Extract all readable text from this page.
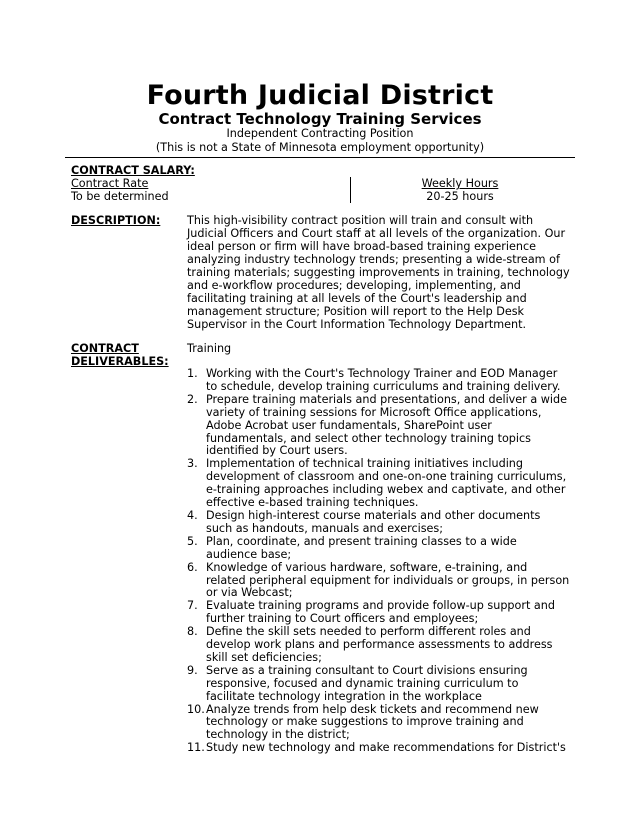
Fourth Judicial District
Contract Technology Training Services
Independent Contracting Position
(This is not a State of Minnesota employment opportunity)
CONTRACT SALARY:
Contract Rate
To be determined
Weekly Hours
20-25 hours
DESCRIPTION: This high-visibility contract position will train and consult with Judicial Officers and Court staff at all levels of the organization. Our ideal person or firm will have broad-based training experience analyzing industry technology trends; presenting a wide-stream of training materials; suggesting improvements in training, technology and e-workflow procedures; developing, implementing, and facilitating training at all levels of the Court's leadership and management structure; Position will report to the Help Desk Supervisor in the Court Information Technology Department.
CONTRACT DELIVERABLES:
Training
1. Working with the Court's Technology Trainer and EOD Manager to schedule, develop training curriculums and training delivery.
2. Prepare training materials and presentations, and deliver a wide variety of training sessions for Microsoft Office applications, Adobe Acrobat user fundamentals, SharePoint user fundamentals, and select other technology training topics identified by Court users.
3. Implementation of technical training initiatives including development of classroom and one-on-one training curriculums, e-training approaches including webex and captivate, and other effective e-based training techniques.
4. Design high-interest course materials and other documents such as handouts, manuals and exercises;
5. Plan, coordinate, and present training classes to a wide audience base;
6. Knowledge of various hardware, software, e-training, and related peripheral equipment for individuals or groups, in person or via Webcast;
7. Evaluate training programs and provide follow-up support and further training to Court officers and employees;
8. Define the skill sets needed to perform different roles and develop work plans and performance assessments to address skill set deficiencies;
9. Serve as a training consultant to Court divisions ensuring responsive, focused and dynamic training curriculum to facilitate technology integration in the workplace
10. Analyze trends from help desk tickets and recommend new technology or make suggestions to improve training and technology in the district;
11. Study new technology and make recommendations for District's
